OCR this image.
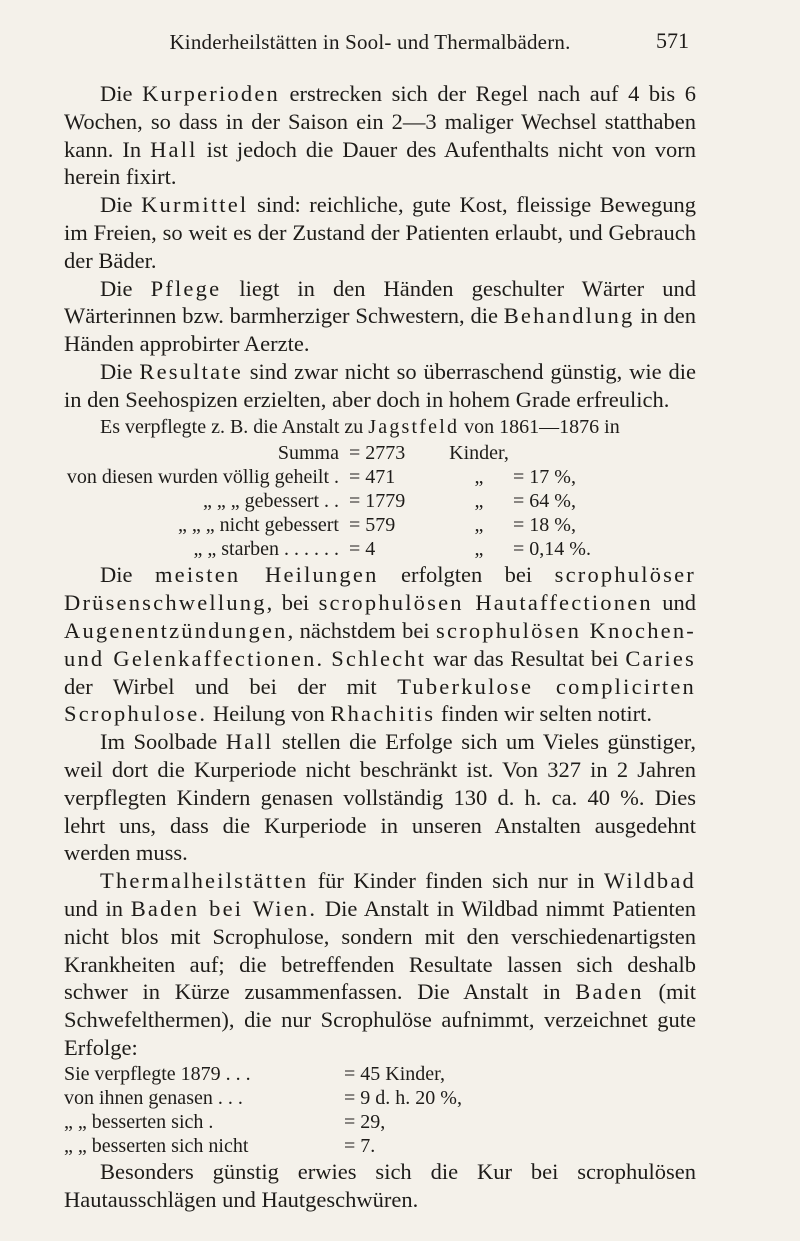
Kinderheilstätten in Sool- und Thermalbädern.	571

Die Kurperioden erstrecken sich der Regel nach auf 4 bis 6 Wochen, so dass in der Saison ein 2—3 maliger Wechsel statthaben kann. In Hall ist jedoch die Dauer des Aufenthalts nicht von vorn herein fixirt.

Die Kurmittel sind: reichliche, gute Kost, fleissige Bewegung im Freien, so weit es der Zustand der Patienten erlaubt, und Gebrauch der Bäder.

Die Pflege liegt in den Händen geschulter Wärter und Wärterinnen bzw. barmherziger Schwestern, die Behandlung in den Händen approbirter Aerzte.

Die Resultate sind zwar nicht so überraschend günstig, wie die in den Seehospizen erzielten, aber doch in hohem Grade erfreulich.

Es verpflegte z. B. die Anstalt zu Jagstfeld von 1861—1876 in

Summa	= 2773	Kinder,	
von diesen wurden völlig geheilt .	= 471	„	= 17 %,
„ „ „ gebessert . .	= 1779	„	= 64 %,
„ „ „ nicht gebessert	= 579	„	= 18 %,
„ „ starben . . . . . .	= 4	„	= 0,14 %.

Die meisten Heilungen erfolgten bei scrophulöser Drüsenschwellung, bei scrophulösen Hautaffectionen und Augenentzündungen, nächstdem bei scrophulösen Knochen- und Gelenkaffectionen. Schlecht war das Resultat bei Caries der Wirbel und bei der mit Tuberkulose complicirten Scrophulose. Heilung von Rhachitis finden wir selten notirt.

Im Soolbade Hall stellen die Erfolge sich um Vieles günstiger, weil dort die Kurperiode nicht beschränkt ist. Von 327 in 2 Jahren verpflegten Kindern genasen vollständig 130 d. h. ca. 40 %. Dies lehrt uns, dass die Kurperiode in unseren Anstalten ausgedehnt werden muss.

Thermalheilstätten für Kinder finden sich nur in Wildbad und in Baden bei Wien. Die Anstalt in Wildbad nimmt Patienten nicht blos mit Scrophulose, sondern mit den verschiedenartigsten Krankheiten auf; die betreffenden Resultate lassen sich deshalb schwer in Kürze zusammenfassen. Die Anstalt in Baden (mit Schwefelthermen), die nur Scrophulöse aufnimmt, verzeichnet gute Erfolge:

Sie verpflegte 1879 . . .	= 45 Kinder,
von ihnen genasen . . .	= 9 d. h. 20 %,
„ „ besserten sich .	= 29,
„ „ besserten sich nicht	= 7.

Besonders günstig erwies sich die Kur bei scrophulösen Hautausschlägen und Hautgeschwüren.
